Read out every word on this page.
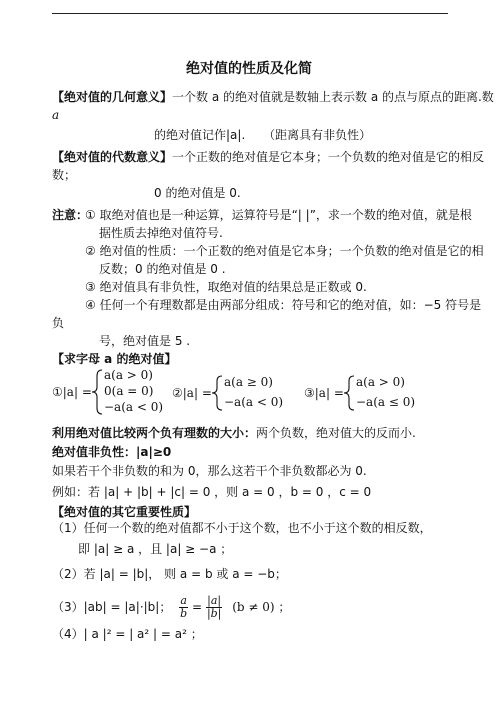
绝对值的性质及化简
【绝对值的几何意义】一个数 a 的绝对值就是数轴上表示数 a 的点与原点的距离.数
a
的绝对值记作|a|. （距离具有非负性）
【绝对值的代数意义】一个正数的绝对值是它本身；一个负数的绝对值是它的相反
数；
0 的绝对值是 0.
注意：
① 取绝对值也是一种运算，运算符号是“| |”，求一个数的绝对值，就是根
据性质去掉绝对值符号.
② 绝对值的性质：一个正数的绝对值是它本身；一个负数的绝对值是它的相
反数；0 的绝对值是 0 .
③ 绝对值具有非负性，取绝对值的结果总是正数或 0.
④ 任何一个有理数都是由两部分组成：符号和它的绝对值，如：−5 符号是
负
号，绝对值是 5 .
【求字母 a 的绝对值】
①|a| =
a(a > 0)
0(a = 0)
−a(a < 0)
②|a| =
a(a ≥ 0)
−a(a < 0)
③|a| =
a(a > 0)
−a(a ≤ 0)
利用绝对值比较两个负有理数的大小：两个负数，绝对值大的反而小.
绝对值非负性：|a|≥0
如果若干个非负数的和为 0，那么这若干个非负数都必为 0.
例如：若 |a| + |b| + |c| = 0 ，则 a = 0 ，b = 0 ，c = 0
【绝对值的其它重要性质】
（1）任何一个数的绝对值都不小于这个数，也不小于这个数的相反数，
即 |a| ≥ a ，且 |a| ≥ −a ；
（2）若 |a| = |b|， 则 a = b 或 a = −b；
（3）|ab| = |a|·|b|； $\frac{a}{b} = \frac{|a|}{|b|} (b \ne 0)$ ；
（4）| a |² = | a² | = a² ；
